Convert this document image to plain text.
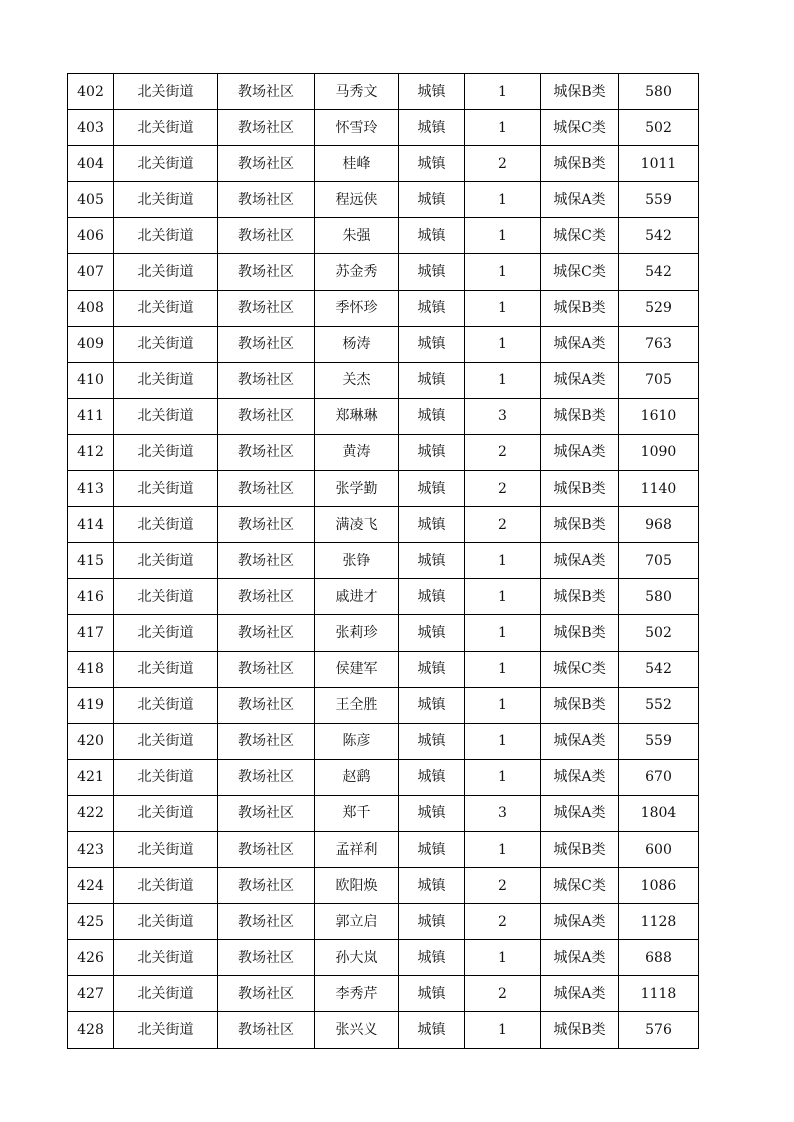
402	北关街道	教场社区	马秀文	城镇	1	城保B类	580
403	北关街道	教场社区	怀雪玲	城镇	1	城保C类	502
404	北关街道	教场社区	桂峰	城镇	2	城保B类	1011
405	北关街道	教场社区	程远侠	城镇	1	城保A类	559
406	北关街道	教场社区	朱强	城镇	1	城保C类	542
407	北关街道	教场社区	苏金秀	城镇	1	城保C类	542
408	北关街道	教场社区	季怀珍	城镇	1	城保B类	529
409	北关街道	教场社区	杨涛	城镇	1	城保A类	763
410	北关街道	教场社区	关杰	城镇	1	城保A类	705
411	北关街道	教场社区	郑琳琳	城镇	3	城保B类	1610
412	北关街道	教场社区	黄涛	城镇	2	城保A类	1090
413	北关街道	教场社区	张学勤	城镇	2	城保B类	1140
414	北关街道	教场社区	满凌飞	城镇	2	城保B类	968
415	北关街道	教场社区	张铮	城镇	1	城保A类	705
416	北关街道	教场社区	戚进才	城镇	1	城保B类	580
417	北关街道	教场社区	张莉珍	城镇	1	城保B类	502
418	北关街道	教场社区	侯建军	城镇	1	城保C类	542
419	北关街道	教场社区	王全胜	城镇	1	城保B类	552
420	北关街道	教场社区	陈彦	城镇	1	城保A类	559
421	北关街道	教场社区	赵鹞	城镇	1	城保A类	670
422	北关街道	教场社区	郑千	城镇	3	城保A类	1804
423	北关街道	教场社区	孟祥利	城镇	1	城保B类	600
424	北关街道	教场社区	欧阳焕	城镇	2	城保C类	1086
425	北关街道	教场社区	郭立启	城镇	2	城保A类	1128
426	北关街道	教场社区	孙大岚	城镇	1	城保A类	688
427	北关街道	教场社区	李秀芹	城镇	2	城保A类	1118
428	北关街道	教场社区	张兴义	城镇	1	城保B类	576
